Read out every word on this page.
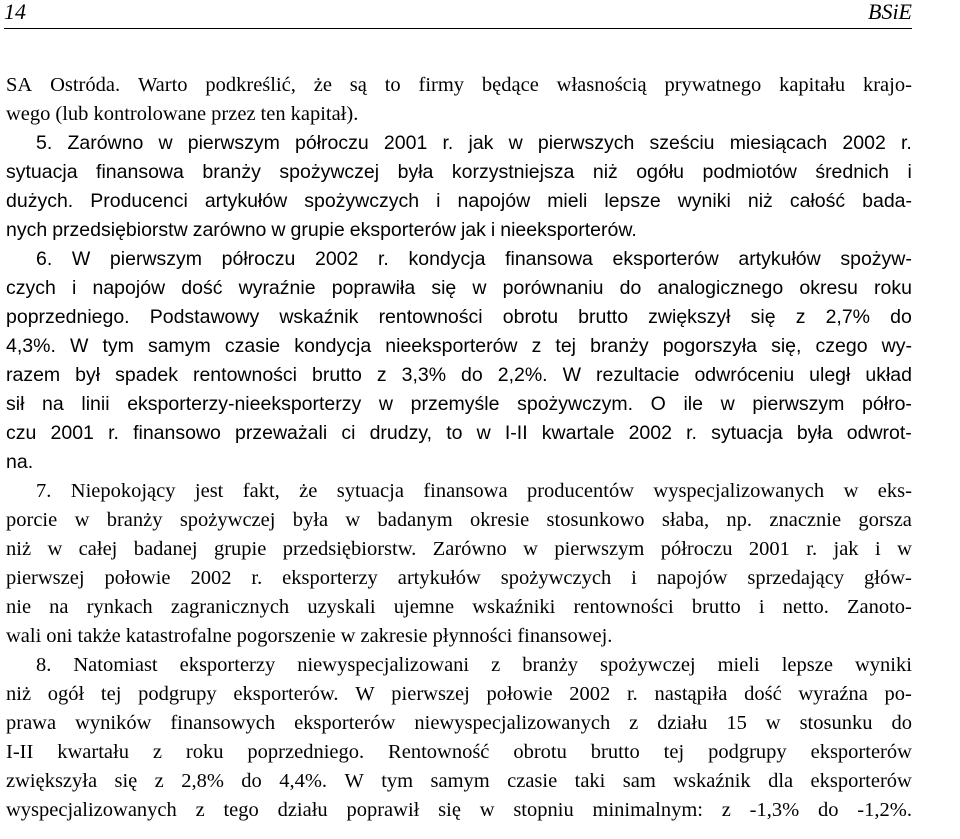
14	BSiE
SA Ostróda. Warto podkreślić, że są to firmy będące własnością prywatnego kapitału krajo-
wego (lub kontrolowane przez ten kapitał).
5. Zarówno w pierwszym półroczu 2001 r. jak w pierwszych sześciu miesiącach 2002 r.
sytuacja finansowa branży spożywczej była korzystniejsza niż ogółu podmiotów średnich i
dużych. Producenci artykułów spożywczych i napojów mieli lepsze wyniki niż całość bada-
nych przedsiębiorstw zarówno w grupie eksporterów jak i nieeksporterów.
6. W pierwszym półroczu 2002 r. kondycja finansowa eksporterów artykułów spożyw-
czych i napojów dość wyraźnie poprawiła się w porównaniu do analogicznego okresu roku
poprzedniego. Podstawowy wskaźnik rentowności obrotu brutto zwiększył się z 2,7% do
4,3%. W tym samym czasie kondycja nieeksporterów z tej branży pogorszyła się, czego wy-
razem był spadek rentowności brutto z 3,3% do 2,2%. W rezultacie odwróceniu uległ układ
sił na linii eksporterzy-nieeksporterzy w przemyśle spożywczym. O ile w pierwszym półro-
czu 2001 r. finansowo przeważali ci drudzy, to w I-II kwartale 2002 r. sytuacja była odwrot-
na.
7. Niepokojący jest fakt, że sytuacja finansowa producentów wyspecjalizowanych w eks-
porcie w branży spożywczej była w badanym okresie stosunkowo słaba, np. znacznie gorsza
niż w całej badanej grupie przedsiębiorstw. Zarówno w pierwszym półroczu 2001 r. jak i w
pierwszej połowie 2002 r. eksporterzy artykułów spożywczych i napojów sprzedający głów-
nie na rynkach zagranicznych uzyskali ujemne wskaźniki rentowności brutto i netto. Zanoto-
wali oni także katastrofalne pogorszenie w zakresie płynności finansowej.
8. Natomiast eksporterzy niewyspecjalizowani z branży spożywczej mieli lepsze wyniki
niż ogół tej podgrupy eksporterów. W pierwszej połowie 2002 r. nastąpiła dość wyraźna po-
prawa wyników finansowych eksporterów niewyspecjalizowanych z działu 15 w stosunku do
I-II kwartału z roku poprzedniego. Rentowność obrotu brutto tej podgrupy eksporterów
zwiększyła się z 2,8% do 4,4%. W tym samym czasie taki sam wskaźnik dla eksporterów
wyspecjalizowanych z tego działu poprawił się w stopniu minimalnym: z -1,3% do -1,2%.
